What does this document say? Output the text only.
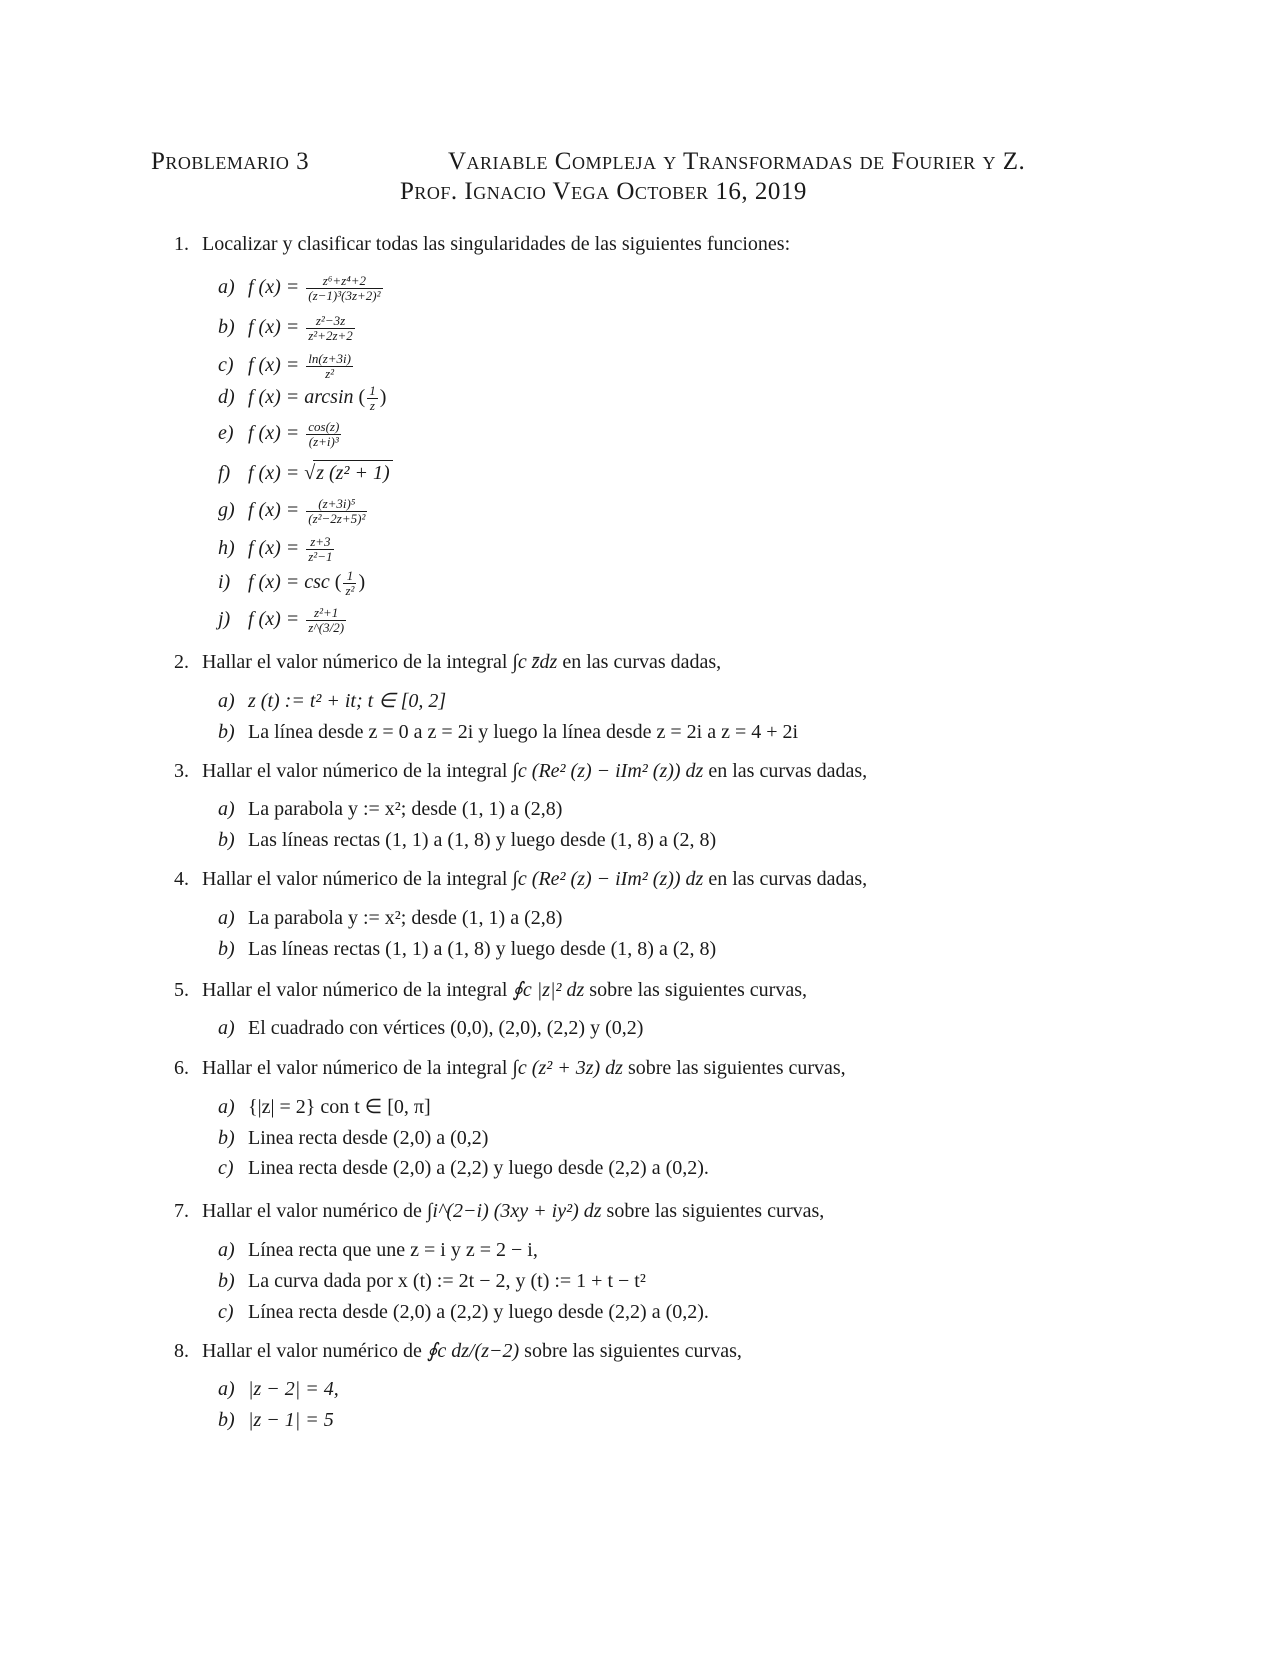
Problemario 3	Variable Compleja y Transformadas de Fourier y Z.
Prof. Ignacio Vega October 16, 2019
1. Localizar y clasificar todas las singularidades de las siguientes funciones:
a) f $(x) = \frac{\text{z⁶+z⁴+2}}{\text{(z−1)³(3z+2)²}}$
b) f $(x) = \frac{\text{z²−3z}}{\text{z²+2z+2}}$
c) f $(x) = \frac{\ln(z+3i)}{\text{z²}}$
d) f (x) = arcsin ( $\frac{1}{z}$ )
e) f $(x) = \frac{\cos(z)}{\text{(z+i)³}}$
f) f (x) = √z (z² + 1)
g) f $(x) = \frac{\text{(z+3i)⁵}}{\text{(z²−2z+5)²}}$
h) f $(x) = \frac{z+3}{\text{z²−1}}$
i) f (x) = csc ( $\frac{1}{\text{z²}}$ )
j) f $(x) = \frac{\text{z²+1}}{z\^{}(3/2)}$
2. Hallar el valor númerico de la integral ∫c z̄dz en las curvas dadas,
a) z (t) := t² + it; t ∈ [0, 2]
b) La línea desde z = 0 a z = 2i y luego la línea desde z = 2i a z = 4 + 2i
3. Hallar el valor númerico de la integral ∫c (Re² (z) − iIm² (z)) dz en las curvas dadas,
a) La parabola y := x²; desde (1, 1) a (2,8)
b) Las líneas rectas (1, 1) a (1, 8) y luego desde (1, 8) a (2, 8)
4. Hallar el valor númerico de la integral ∫c (Re² (z) − iIm² (z)) dz en las curvas dadas,
a) La parabola y := x²; desde (1, 1) a (2,8)
b) Las líneas rectas (1, 1) a (1, 8) y luego desde (1, 8) a (2, 8)
5. Hallar el valor númerico de la integral ∮c |z|² dz sobre las siguientes curvas,
a) El cuadrado con vértices (0,0), (2,0), (2,2) y (0,2)
6. Hallar el valor númerico de la integral ∫c (z² + 3z) dz sobre las siguientes curvas,
a) {|z| = 2} con t ∈ [0, π]
b) Linea recta desde (2,0) a (0,2)
c) Linea recta desde (2,0) a (2,2) y luego desde (2,2) a (0,2).
7. Hallar el valor numérico de ∫i^(2−i) (3xy + iy²) dz sobre las siguientes curvas,
a) Línea recta que une z = i y z = 2 − i,
b) La curva dada por x (t) := 2t − 2, y (t) := 1 + t − t²
c) Línea recta desde (2,0) a (2,2) y luego desde (2,2) a (0,2).
8. Hallar el valor numérico de ∮c dz/(z−2) sobre las siguientes curvas,
a) |z − 2| = 4,
b) |z − 1| = 5
